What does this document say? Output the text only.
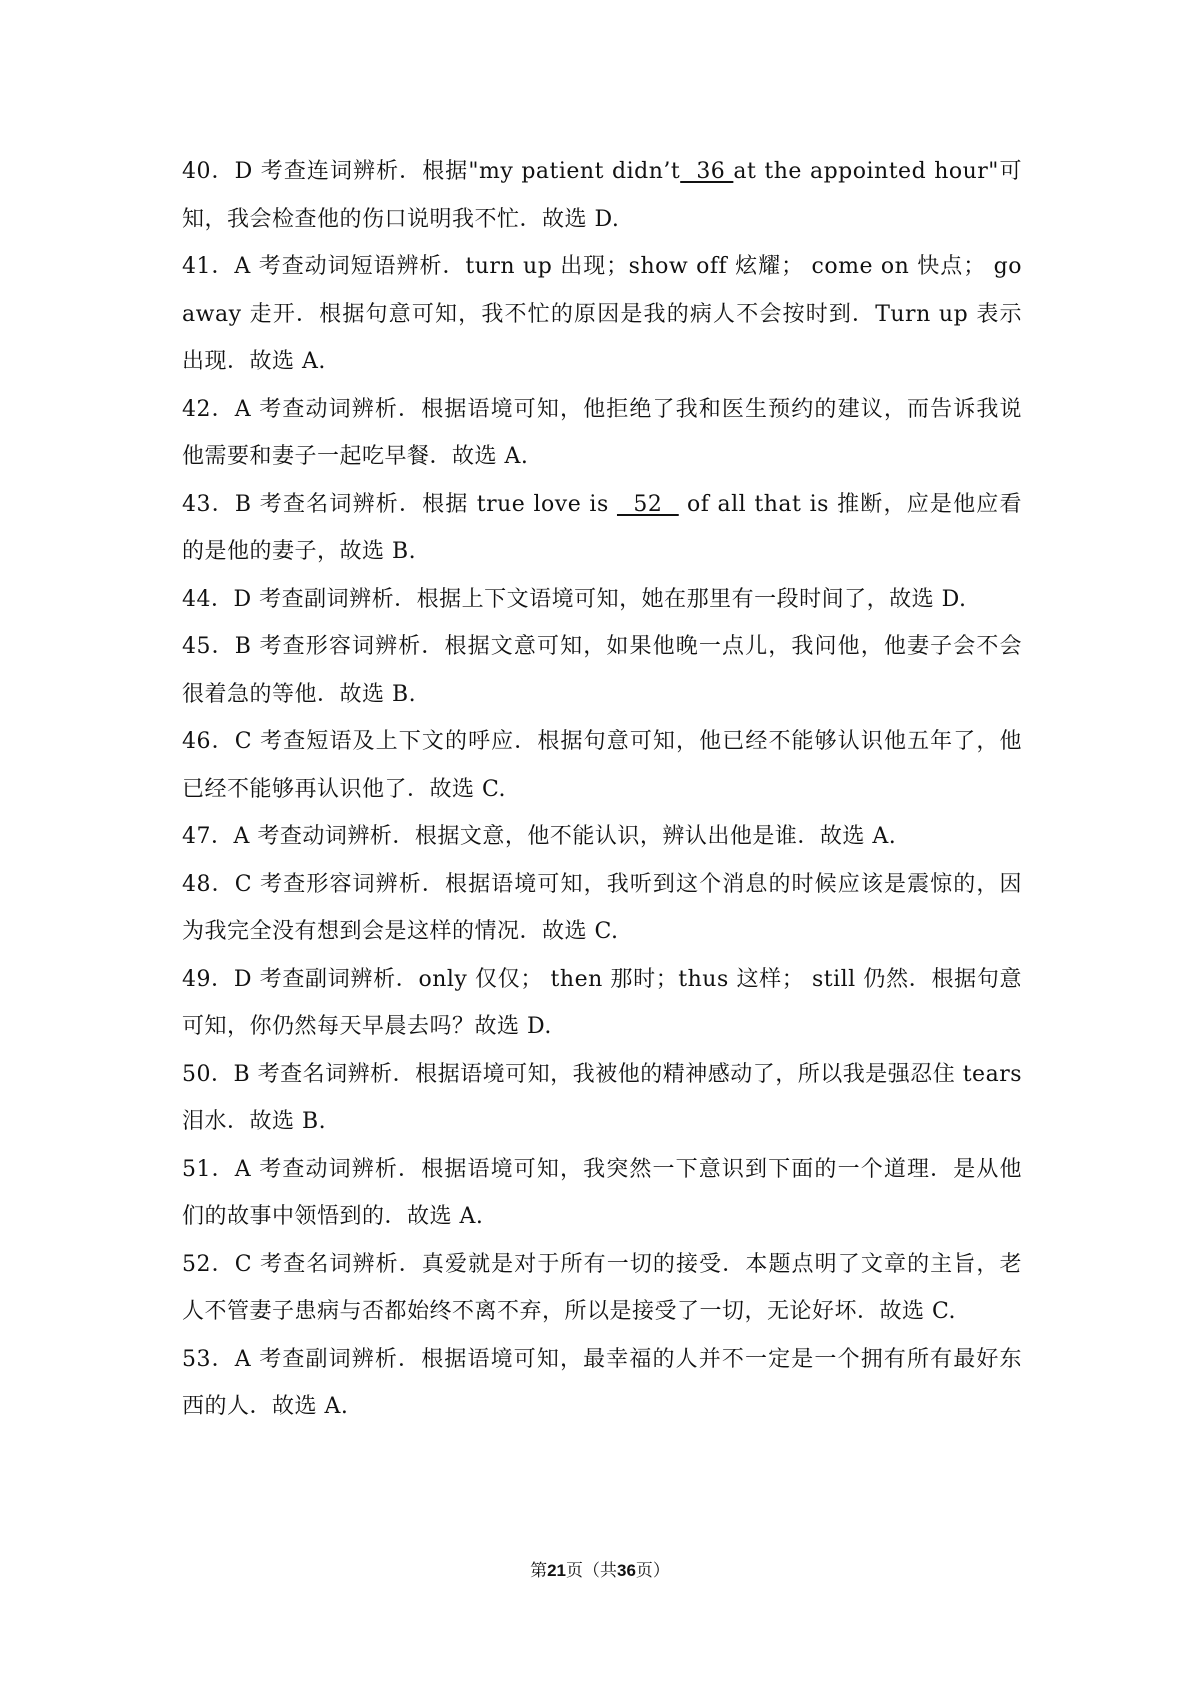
40．D 考查连词辨析．根据"my patient didn’t  36 at the appointed hour"可知，我会检查他的伤口说明我不忙．故选 D.

41．A 考查动词短语辨析．turn up 出现；show off 炫耀； come on 快点； go away 走开．根据句意可知，我不忙的原因是我的病人不会按时到．Turn up 表示出现．故选 A.

42．A 考查动词辨析．根据语境可知，他拒绝了我和医生预约的建议，而告诉我说他需要和妻子一起吃早餐．故选 A.

43．B 考查名词辨析．根据 true love is   52   of all that is 推断，应是他应看的是他的妻子，故选 B.

44．D 考查副词辨析．根据上下文语境可知，她在那里有一段时间了，故选 D.

45．B 考查形容词辨析．根据文意可知，如果他晚一点儿，我问他，他妻子会不会很着急的等他．故选 B.

46．C 考查短语及上下文的呼应．根据句意可知，他已经不能够认识他五年了，他已经不能够再认识他了．故选 C.

47．A 考查动词辨析．根据文意，他不能认识，辨认出他是谁．故选 A.

48．C 考查形容词辨析．根据语境可知，我听到这个消息的时候应该是震惊的，因为我完全没有想到会是这样的情况．故选 C.

49．D 考查副词辨析．only 仅仅； then 那时；thus 这样； still 仍然．根据句意可知，你仍然每天早晨去吗？故选 D.

50．B 考查名词辨析．根据语境可知，我被他的精神感动了，所以我是强忍住 tears 泪水．故选 B.

51．A 考查动词辨析．根据语境可知，我突然一下意识到下面的一个道理．是从他们的故事中领悟到的．故选 A.

52．C 考查名词辨析．真爱就是对于所有一切的接受．本题点明了文章的主旨，老人不管妻子患病与否都始终不离不弃，所以是接受了一切，无论好坏．故选 C.

53．A 考查副词辨析．根据语境可知，最幸福的人并不一定是一个拥有所有最好东西的人．故选 A.

第21页（共36页）
